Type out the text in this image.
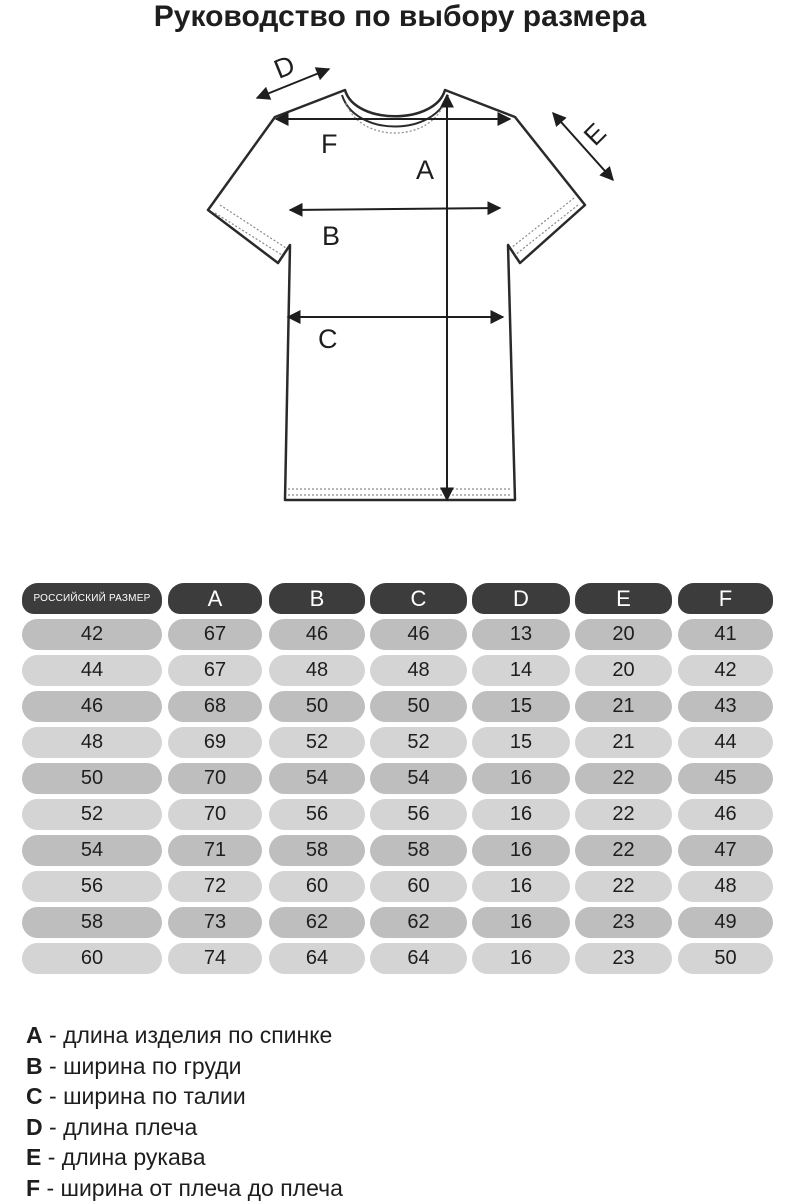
Руководство по выбору размера
A
B
C
D
E
F
РОССИЙСКИЙ РАЗМЕР	A	B	C	D	E	F
42	67	46	46	13	20	41
44	67	48	48	14	20	42
46	68	50	50	15	21	43
48	69	52	52	15	21	44
50	70	54	54	16	22	45
52	70	56	56	16	22	46
54	71	58	58	16	22	47
56	72	60	60	16	22	48
58	73	62	62	16	23	49
60	74	64	64	16	23	50
A - длина изделия по спинке
B - ширина по груди
C - ширина по талии
D - длина плеча
E - длина рукава
F - ширина от плеча до плеча
